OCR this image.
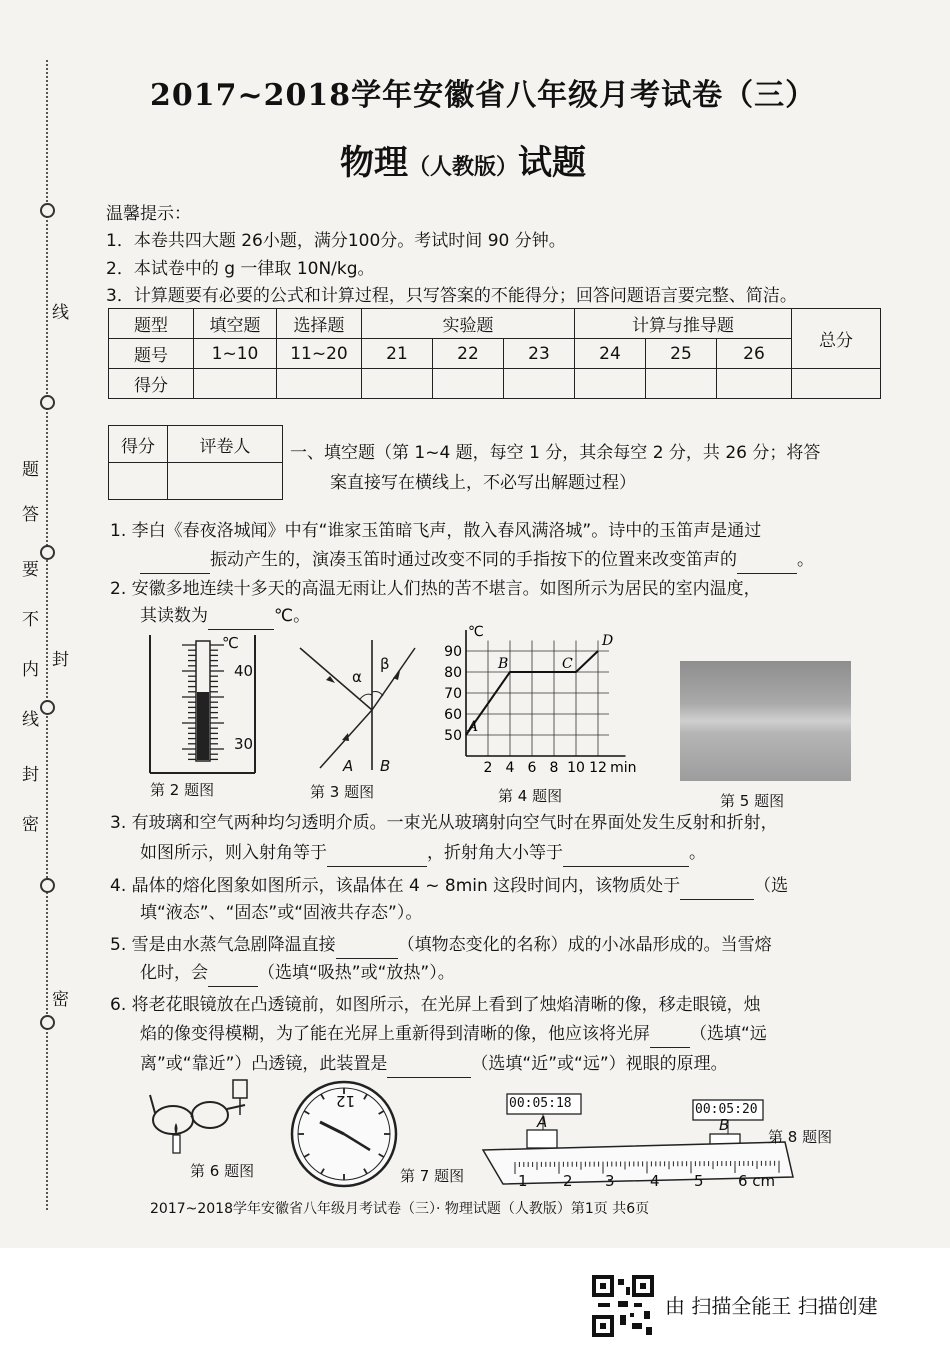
线
题
答
要
不
内
线
封
密
封
密
2017~2018学年安徽省八年级月考试卷（三）
物理（人教版）试题
温馨提示：
1．本卷共四大题 26小题，满分100分。考试时间 90 分钟。
2．本试卷中的 g 一律取 10N/kg。
3．计算题要有必要的公式和计算过程，只写答案的不能得分；回答问题语言要完整、简洁。
题型	填空题	选择题	实验题			计算与推导题			总分
题号	1~10	11~20	21	22	23	24	25	26	
得分									
得分	评卷人
	一、填空题（第 1~4 题，每空 1 分，其余每空 2 分，共 26 分；将答
案直接写在横线上，不必写出解题过程）
1. 李白《春夜洛城闻》中有“谁家玉笛暗飞声，散入春风满洛城”。诗中的玉笛声是通过
振动产生的，演凑玉笛时通过改变不同的手指按下的位置来改变笛声的	。
2. 安徽多地连续十多天的高温无雨让人们热的苦不堪言。如图所示为居民的室内温度，
其读数为	℃。
℃
40
30
第 2 题图
α
β
A B
第 3 题图
A
B	C
D
90
80
70
60
50
2 4 6 8 10 12
℃
min
第 4 题图	第 5 题图
3. 有玻璃和空气两种均匀透明介质。一束光从玻璃射向空气时在界面处发生反射和折射，
如图所示，则入射角等于	，折射角大小等于	。
4. 晶体的熔化图象如图所示，该晶体在 4 ~ 8min 这段时间内，该物质处于	（选
填“液态”、“固态”或“固液共存态”）。
5. 雪是由水蒸气急剧降温直接	（填物态变化的名称）成的小冰晶形成的。当雪熔
化时，会	（选填“吸热”或“放热”）。
6. 将老花眼镜放在凸透镜前，如图所示，在光屏上看到了烛焰清晰的像，移走眼镜，烛
焰的像变得模糊，为了能在光屏上重新得到清晰的像，他应该将光屏 （选填“远
离”或“靠近”）凸透镜，此装置是	（选填“近”或“远”）视眼的原理。
第 6 题图
12
第 7 题图
00:05:18	00:05:20
A	B
第 8 题图
1 2 3 4 5 6 cm
2017~2018学年安徽省八年级月考试卷（三）· 物理试题（人教版）第1页 共6页
由 扫描全能王 扫描创建
